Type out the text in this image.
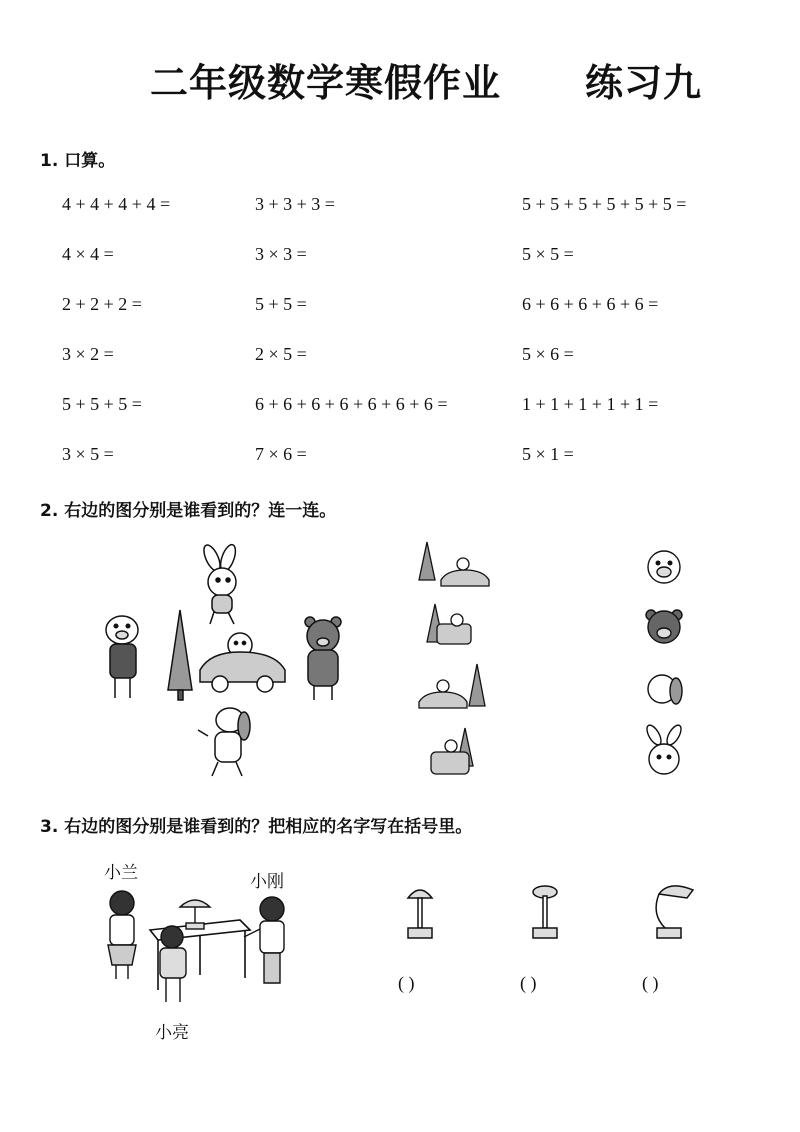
二年级数学寒假作业 练习九
1. 口算。
4 + 4 + 4 + 4 =	3 + 3 + 3 =	5 + 5 + 5 + 5 + 5 + 5 =
4 × 4 =	3 × 3 =	5 × 5 =
2 + 2 + 2 =	5 + 5 =	6 + 6 + 6 + 6 + 6 =
3 × 2 =	2 × 5 =	5 × 6 =
5 + 5 + 5 =	6 + 6 + 6 + 6 + 6 + 6 + 6 =	1 + 1 + 1 + 1 + 1 =
3 × 5 =	7 × 6 =	5 × 1 =
2. 右边的图分别是谁看到的？连一连。
3. 右边的图分别是谁看到的？把相应的名字写在括号里。
小兰	小刚
小亮
( )	( )	( )
